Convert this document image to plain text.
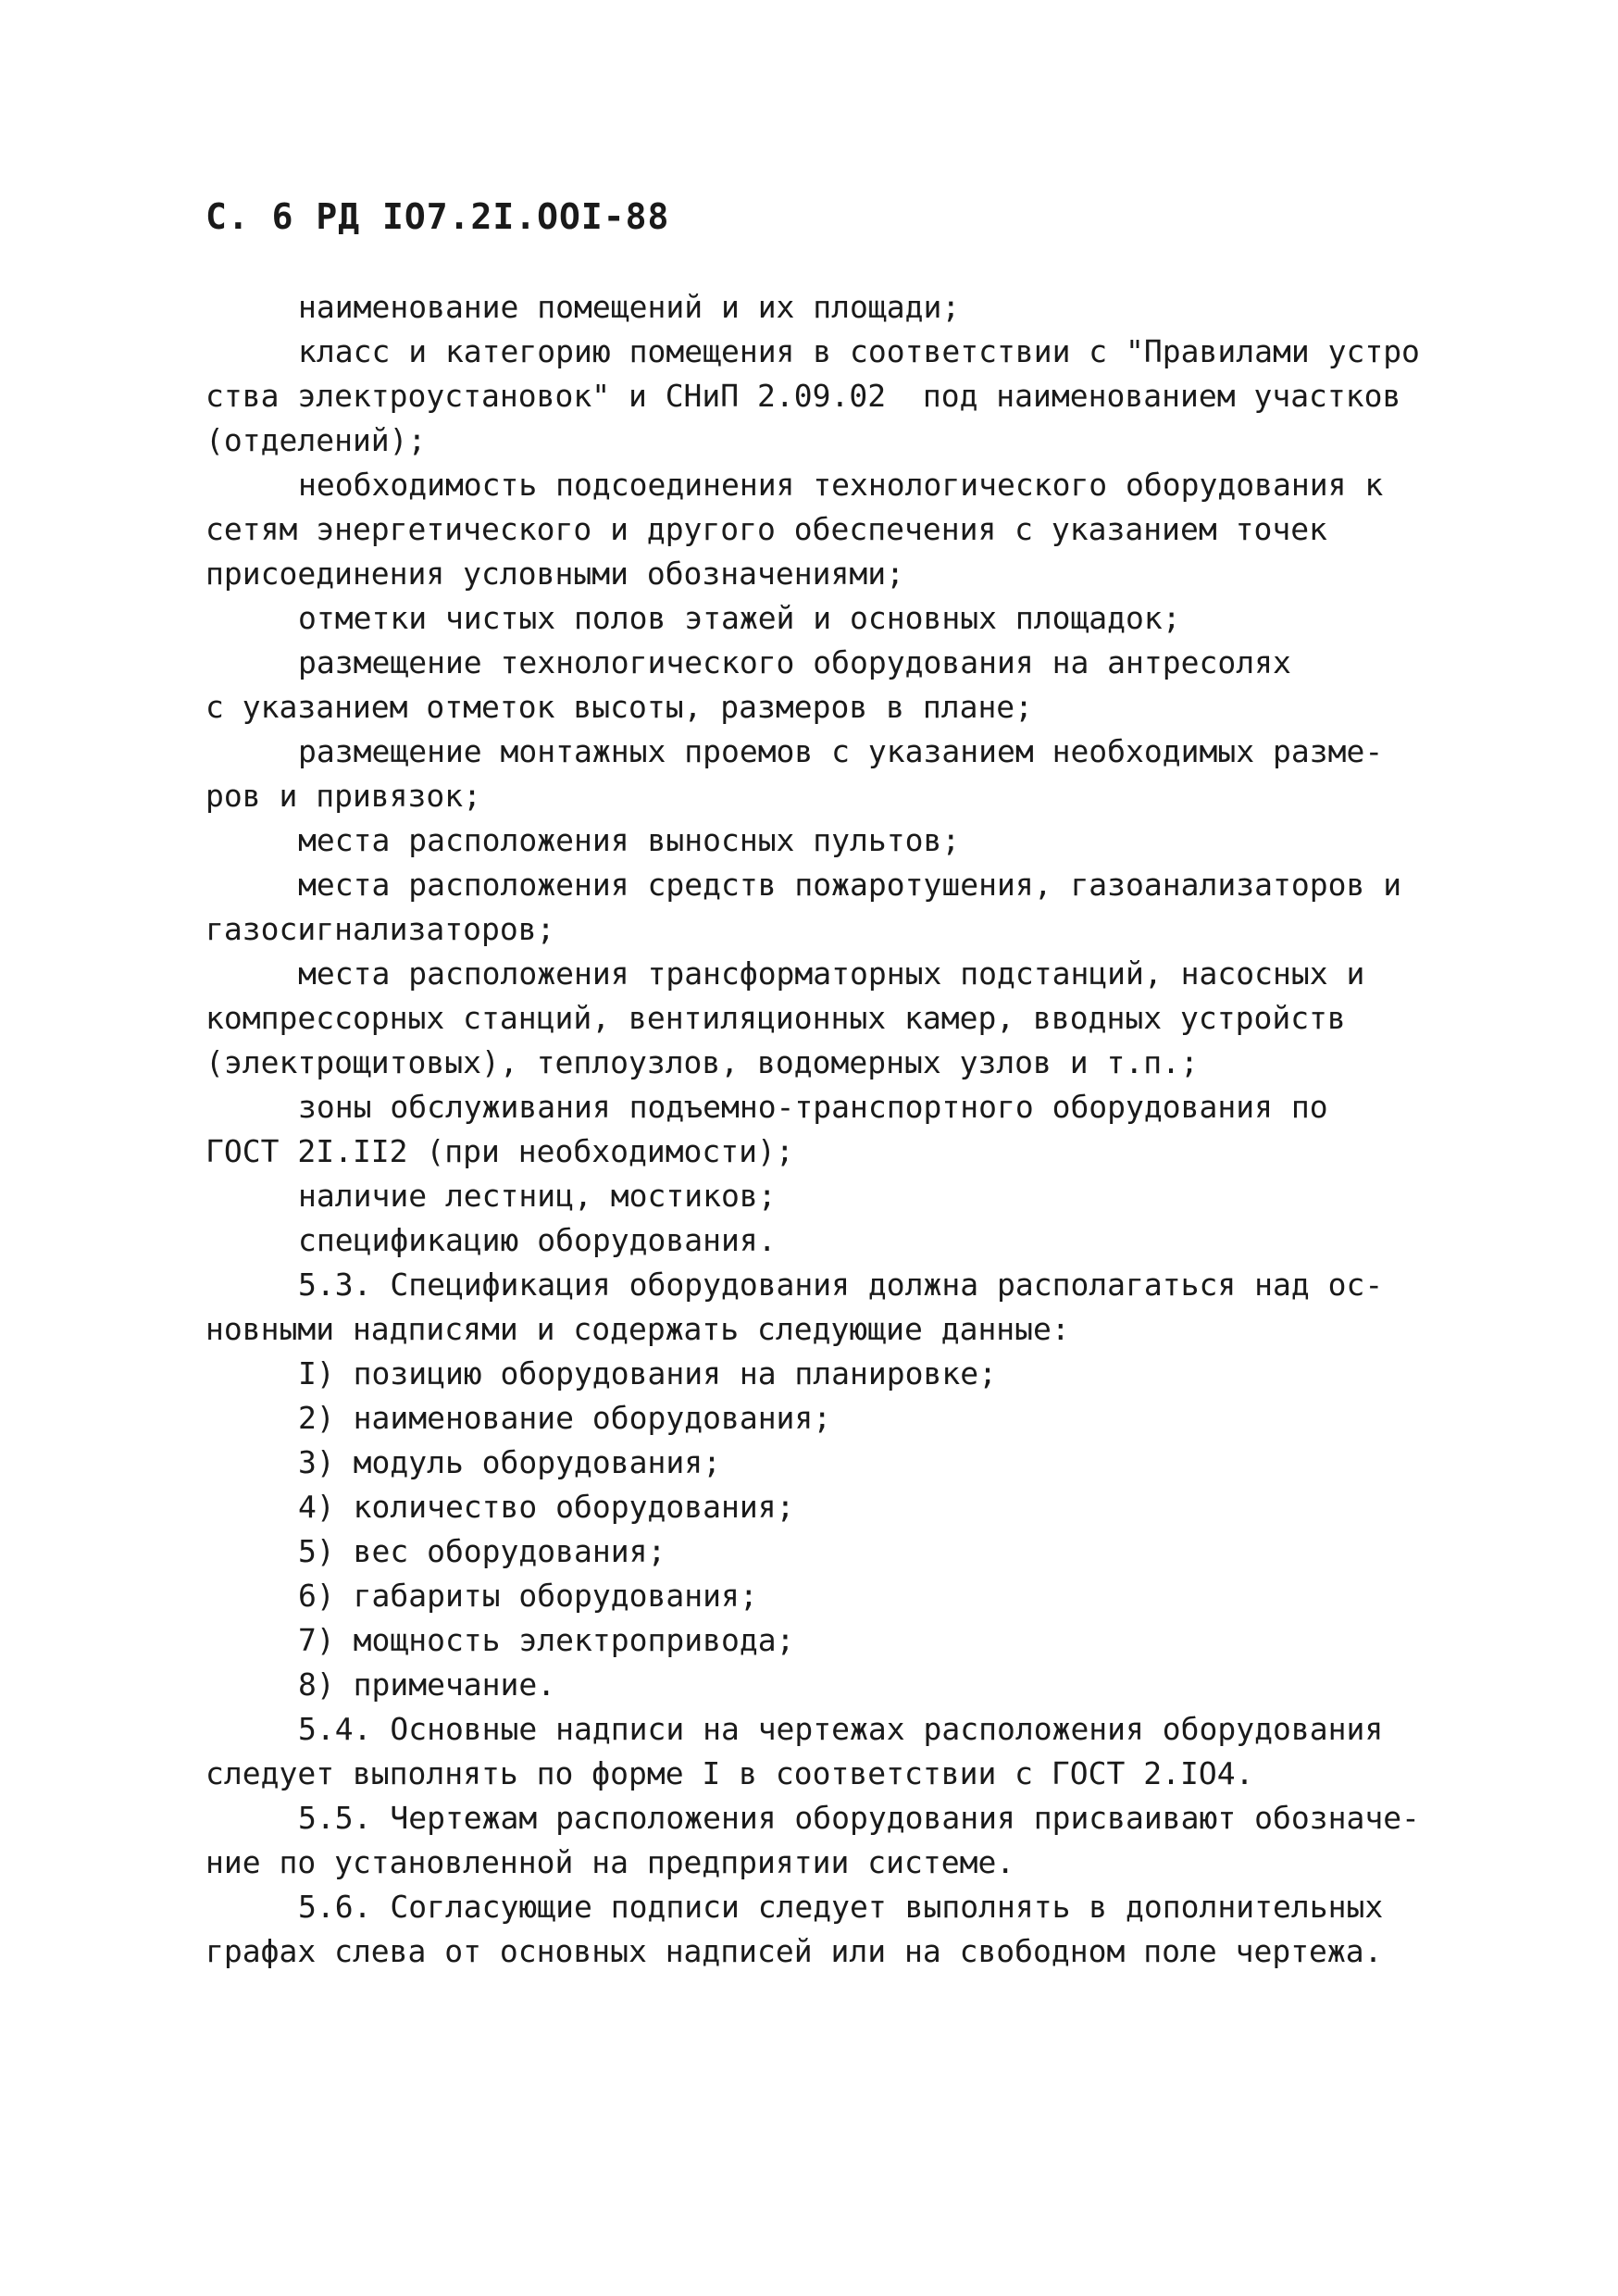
С. 6 РД IO7.2I.OOI-88
наименование помещений и их площади;
класс и категорию помещения в соответствии с "Правилами устро
ства электроустановок" и СНиП 2.09.02  под наименованием участков
(отделений);
необходимость подсоединения технологического оборудования к
сетям энергетического и другого обеспечения с указанием точек
присоединения условными обозначениями;
отметки чистых полов этажей и основных площадок;
размещение технологического оборудования на антресолях
с указанием отметок высоты, размеров в плане;
размещение монтажных проемов с указанием необходимых разме-
ров и привязок;
места расположения выносных пультов;
места расположения средств пожаротушения, газоанализаторов и
газосигнализаторов;
места расположения трансформаторных подстанций, насосных и
компрессорных станций, вентиляционных камер, вводных устройств
(электрощитовых), теплоузлов, водомерных узлов и т.п.;
зоны обслуживания подъемно-транспортного оборудования по
ГОСТ 2I.II2 (при необходимости);
наличие лестниц, мостиков;
спецификацию оборудования.
5.3. Спецификация оборудования должна располагаться над ос-
новными надписями и содержать следующие данные:
I) позицию оборудования на планировке;
2) наименование оборудования;
3) модуль оборудования;
4) количество оборудования;
5) вес оборудования;
6) габариты оборудования;
7) мощность электропривода;
8) примечание.
5.4. Основные надписи на чертежах расположения оборудования
следует выполнять по форме I в соответствии с ГОСТ 2.IO4.
5.5. Чертежам расположения оборудования присваивают обозначе-
ние по установленной на предприятии системе.
5.6. Согласующие подписи следует выполнять в дополнительных
графах слева от основных надписей или на свободном поле чертежа.
